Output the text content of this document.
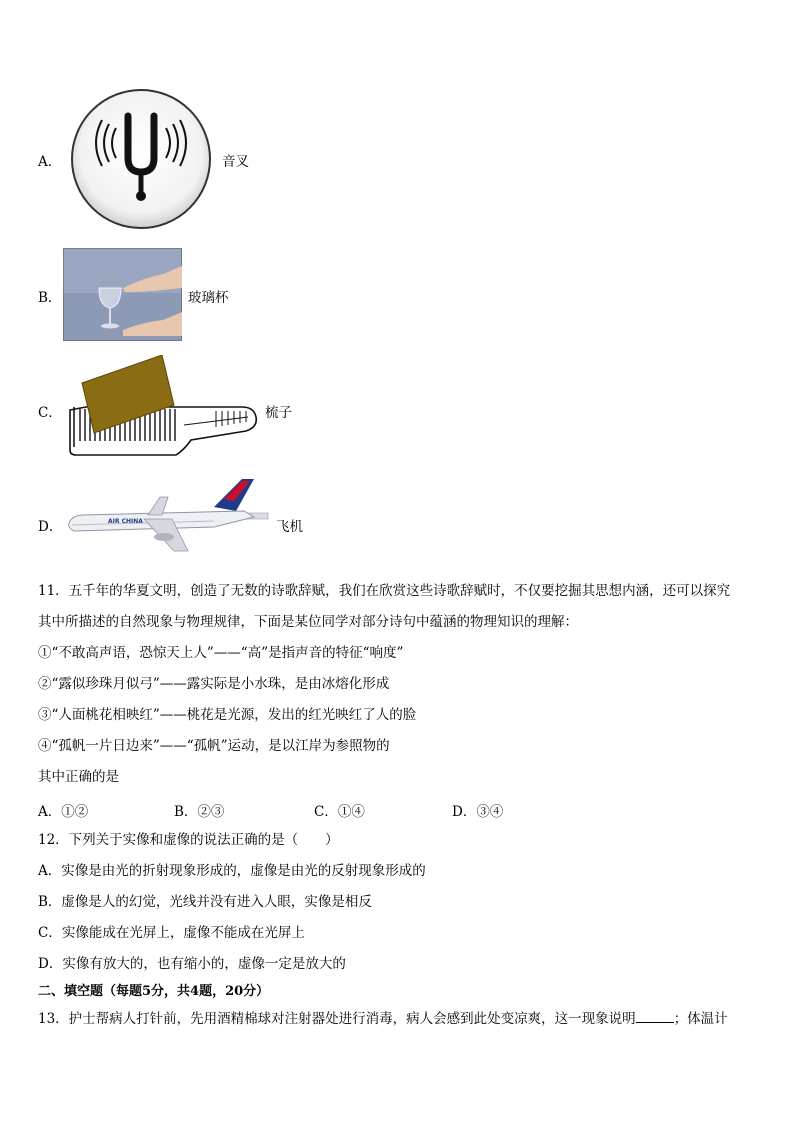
A．	音叉
B．	玻璃杯
C．	梳子
D．	AIR CHINA	飞机
11．五千年的华夏文明，创造了无数的诗歌辞赋，我们在欣赏这些诗歌辞赋时，不仅要挖掘其思想内涵，还可以探究
其中所描述的自然现象与物理规律，下面是某位同学对部分诗句中蕴涵的物理知识的理解：
①“不敢高声语，恐惊天上人”——“高”是指声音的特征“响度”
②“露似珍珠月似弓”——露实际是小水珠，是由冰熔化形成
③“人面桃花相映红”——桃花是光源，发出的红光映红了人的脸
④“孤帆一片日边来”——“孤帆”运动，是以江岸为参照物的
其中正确的是
A．①②	B．②③	C．①④	D．③④
12．下列关于实像和虚像的说法正确的是（　　）
A．实像是由光的折射现象形成的，虚像是由光的反射现象形成的
B．虚像是人的幻觉，光线并没有进入人眼，实像是相反
C．实像能成在光屏上，虚像不能成在光屏上
D．实像有放大的，也有缩小的，虚像一定是放大的
二、填空题（每题5分，共4题，20分）
13．护士帮病人打针前，先用酒精棉球对注射器处进行消毒，病人会感到此处变凉爽，这一现象说明	；体温计
